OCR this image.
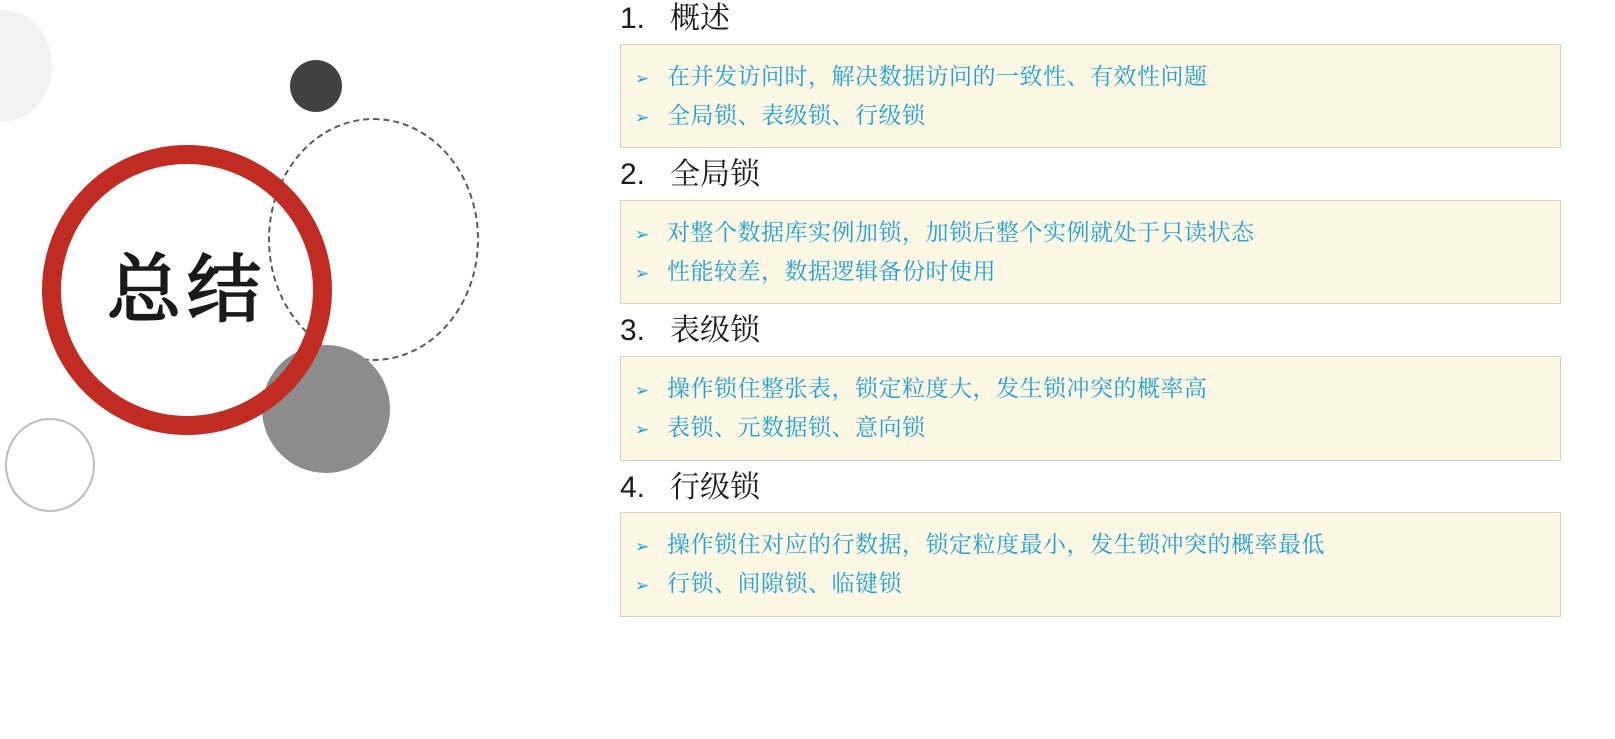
总结
1. 概述
➢ 在并发访问时，解决数据访问的一致性、有效性问题
➢ 全局锁、表级锁、行级锁
2. 全局锁
➢ 对整个数据库实例加锁，加锁后整个实例就处于只读状态
➢ 性能较差，数据逻辑备份时使用
3. 表级锁
➢ 操作锁住整张表，锁定粒度大，发生锁冲突的概率高
➢ 表锁、元数据锁、意向锁
4. 行级锁
➢ 操作锁住对应的行数据，锁定粒度最小，发生锁冲突的概率最低
➢ 行锁、间隙锁、临键锁
